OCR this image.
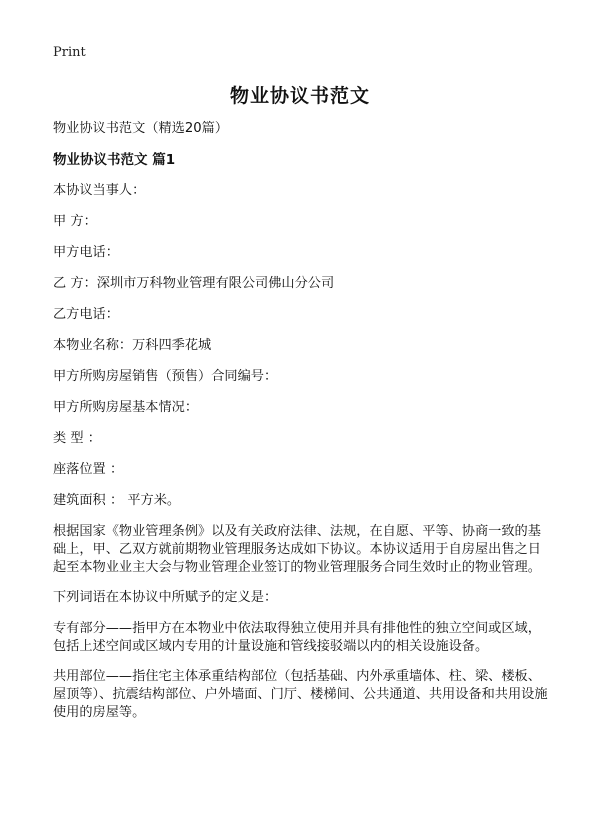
Print
物业协议书范文

物业协议书范文（精选20篇）

物业协议书范文 篇1

本协议当事人：

甲 方：

甲方电话：

乙 方：深圳市万科物业管理有限公司佛山分公司

乙方电话：

本物业名称：万科四季花城

甲方所购房屋销售（预售）合同编号：

甲方所购房屋基本情况：

类 型 ：

座落位置 ：

建筑面积 ： 平方米。

根据国家《物业管理条例》以及有关政府法律、法规，在自愿、平等、协商一致的基础上，甲、乙双方就前期物业管理服务达成如下协议。本协议适用于自房屋出售之日起至本物业业主大会与物业管理企业签订的物业管理服务合同生效时止的物业管理。

下列词语在本协议中所赋予的定义是：

专有部分——指甲方在本物业中依法取得独立使用并具有排他性的独立空间或区域，包括上述空间或区域内专用的计量设施和管线接驳端以内的相关设施设备。

共用部位——指住宅主体承重结构部位（包括基础、内外承重墙体、柱、梁、楼板、屋顶等）、抗震结构部位、户外墙面、门厅、楼梯间、公共通道、共用设备和共用设施使用的房屋等。
